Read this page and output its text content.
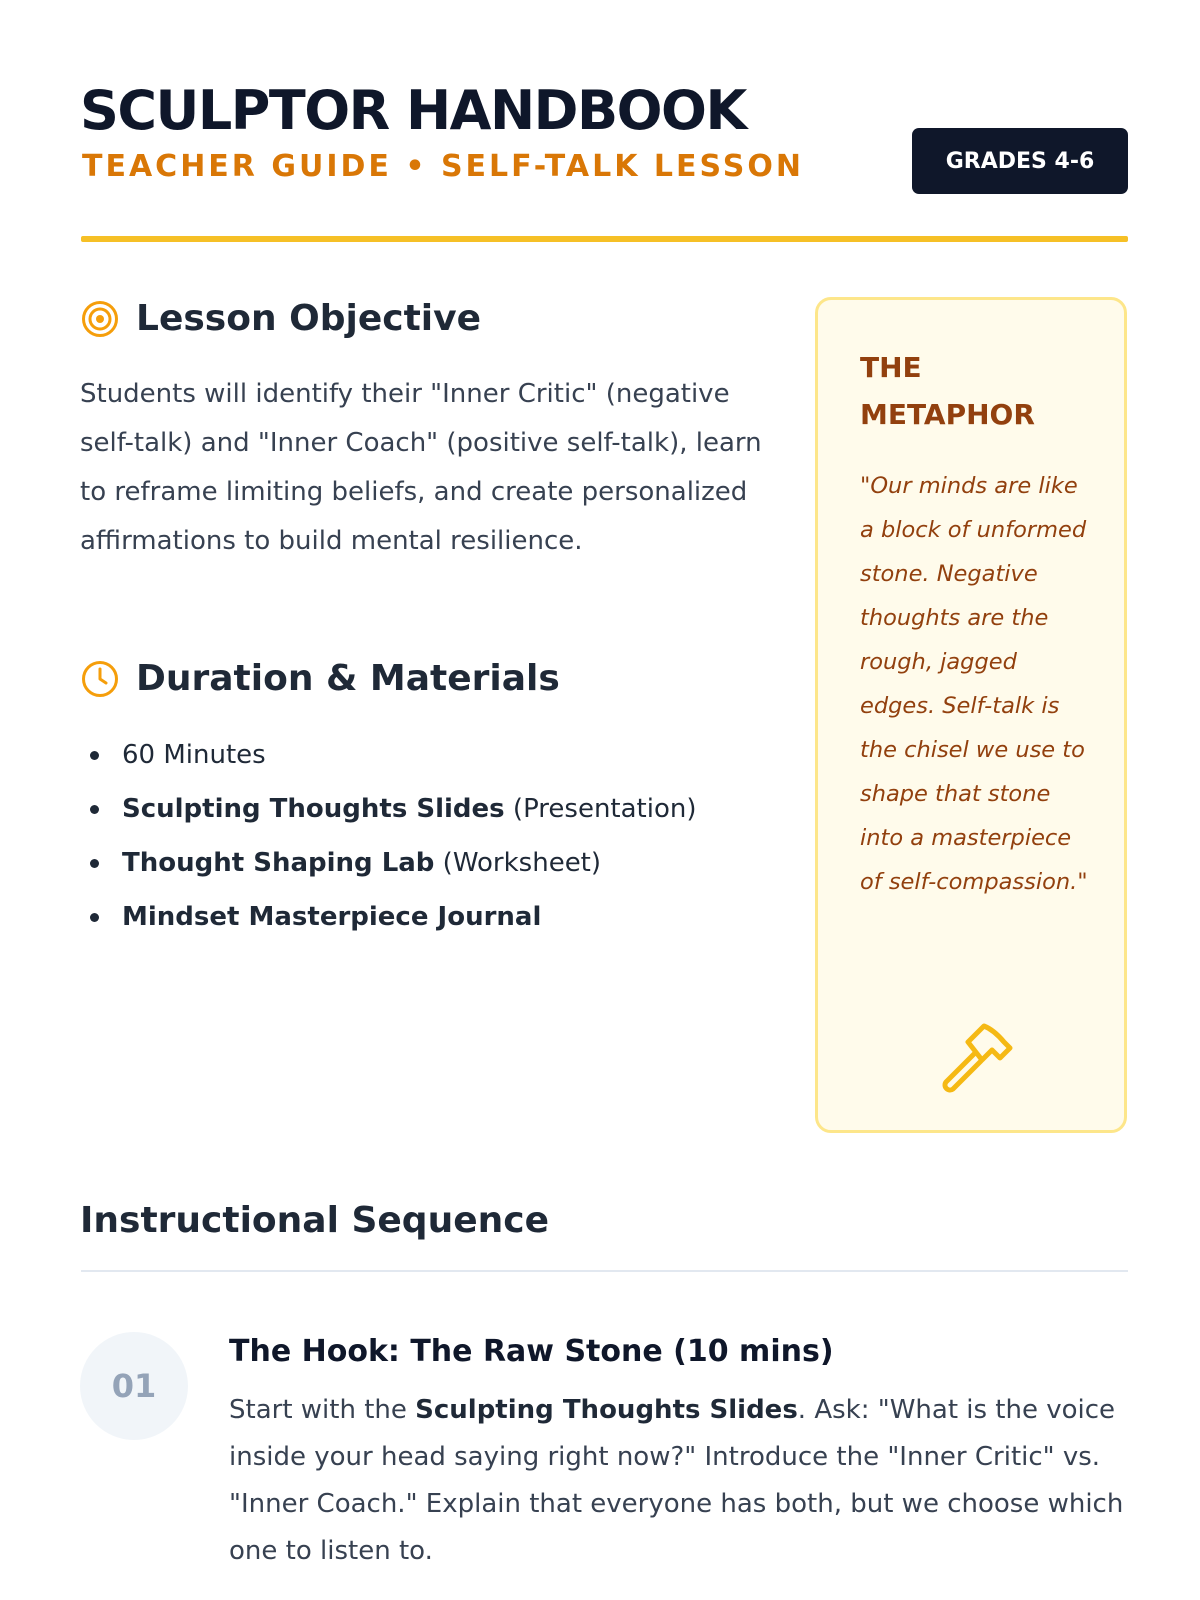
SCULPTOR HANDBOOK
TEACHER GUIDE • SELF-TALK LESSON	GRADES 4-6
Lesson Objective
Students will identify their "Inner Critic" (negative self-talk) and "Inner Coach" (positive self-talk), learn to reframe limiting beliefs, and create personalized affirmations to build mental resilience.
Duration & Materials
60 Minutes
Sculpting Thoughts Slides (Presentation)
Thought Shaping Lab (Worksheet)
Mindset Masterpiece Journal
THE METAPHOR
"Our minds are like a block of unformed stone. Negative thoughts are the rough, jagged edges. Self-talk is the chisel we use to shape that stone into a masterpiece of self-compassion."
Instructional Sequence
01
The Hook: The Raw Stone (10 mins)
Start with the Sculpting Thoughts Slides. Ask: "What is the voice inside your head saying right now?" Introduce the "Inner Critic" vs. "Inner Coach." Explain that everyone has both, but we choose which one to listen to.
